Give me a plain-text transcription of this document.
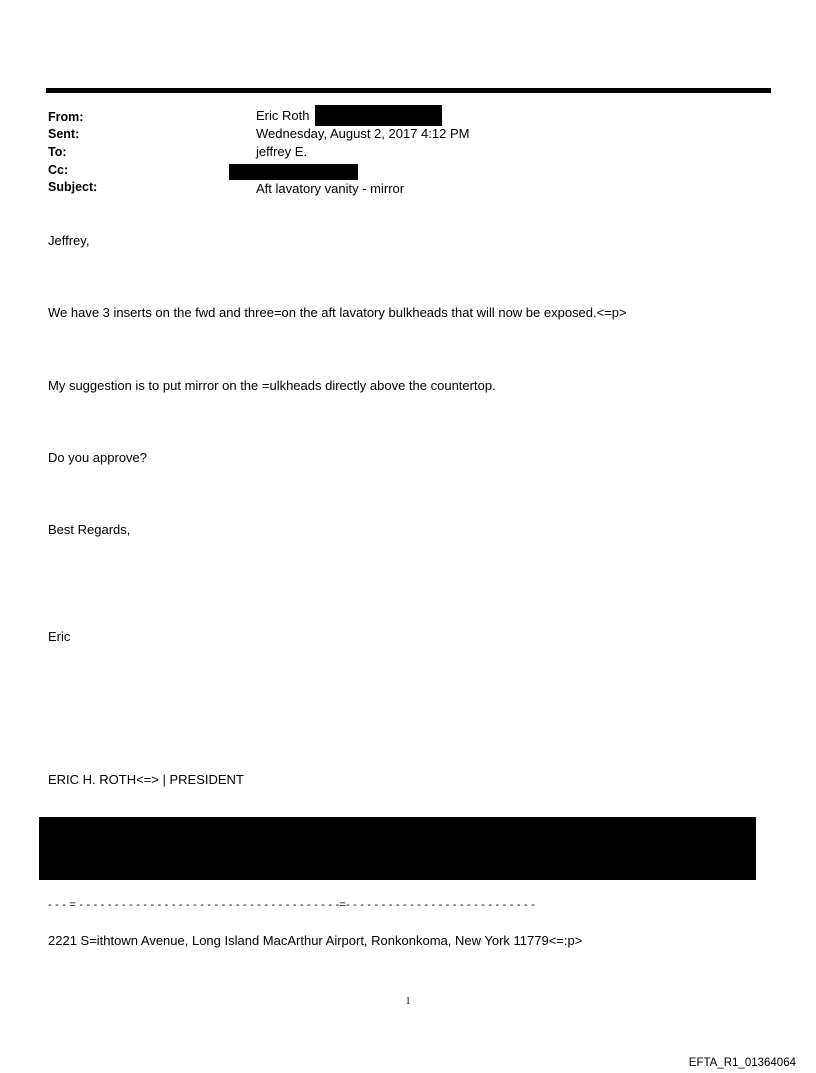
From:
Sent:
To:
Cc:
Subject:
Eric Roth
Wednesday, August 2, 2017 4:12 PM
jeffrey E.
Aft lavatory vanity - mirror
Jeffrey,
We have 3 inserts on the fwd and three=on the aft lavatory bulkheads that will now be exposed.<=p>
My suggestion is to put mirror on the =ulkheads directly above the countertop.
Do you approve?
Best Regards,
Eric
ERIC H. ROTH<=> | PRESIDENT
- - - = - - - - - - - - - - - - - - - - - - - - - - - - - - - - - - - - - - - - -=- - - - - - - - - - - - - - - - - - - - - - - - - - -
2221 S=ithtown Avenue, Long Island MacArthur Airport, Ronkonkoma, New York 11779<=:p>
1
EFTA_R1_01364064
